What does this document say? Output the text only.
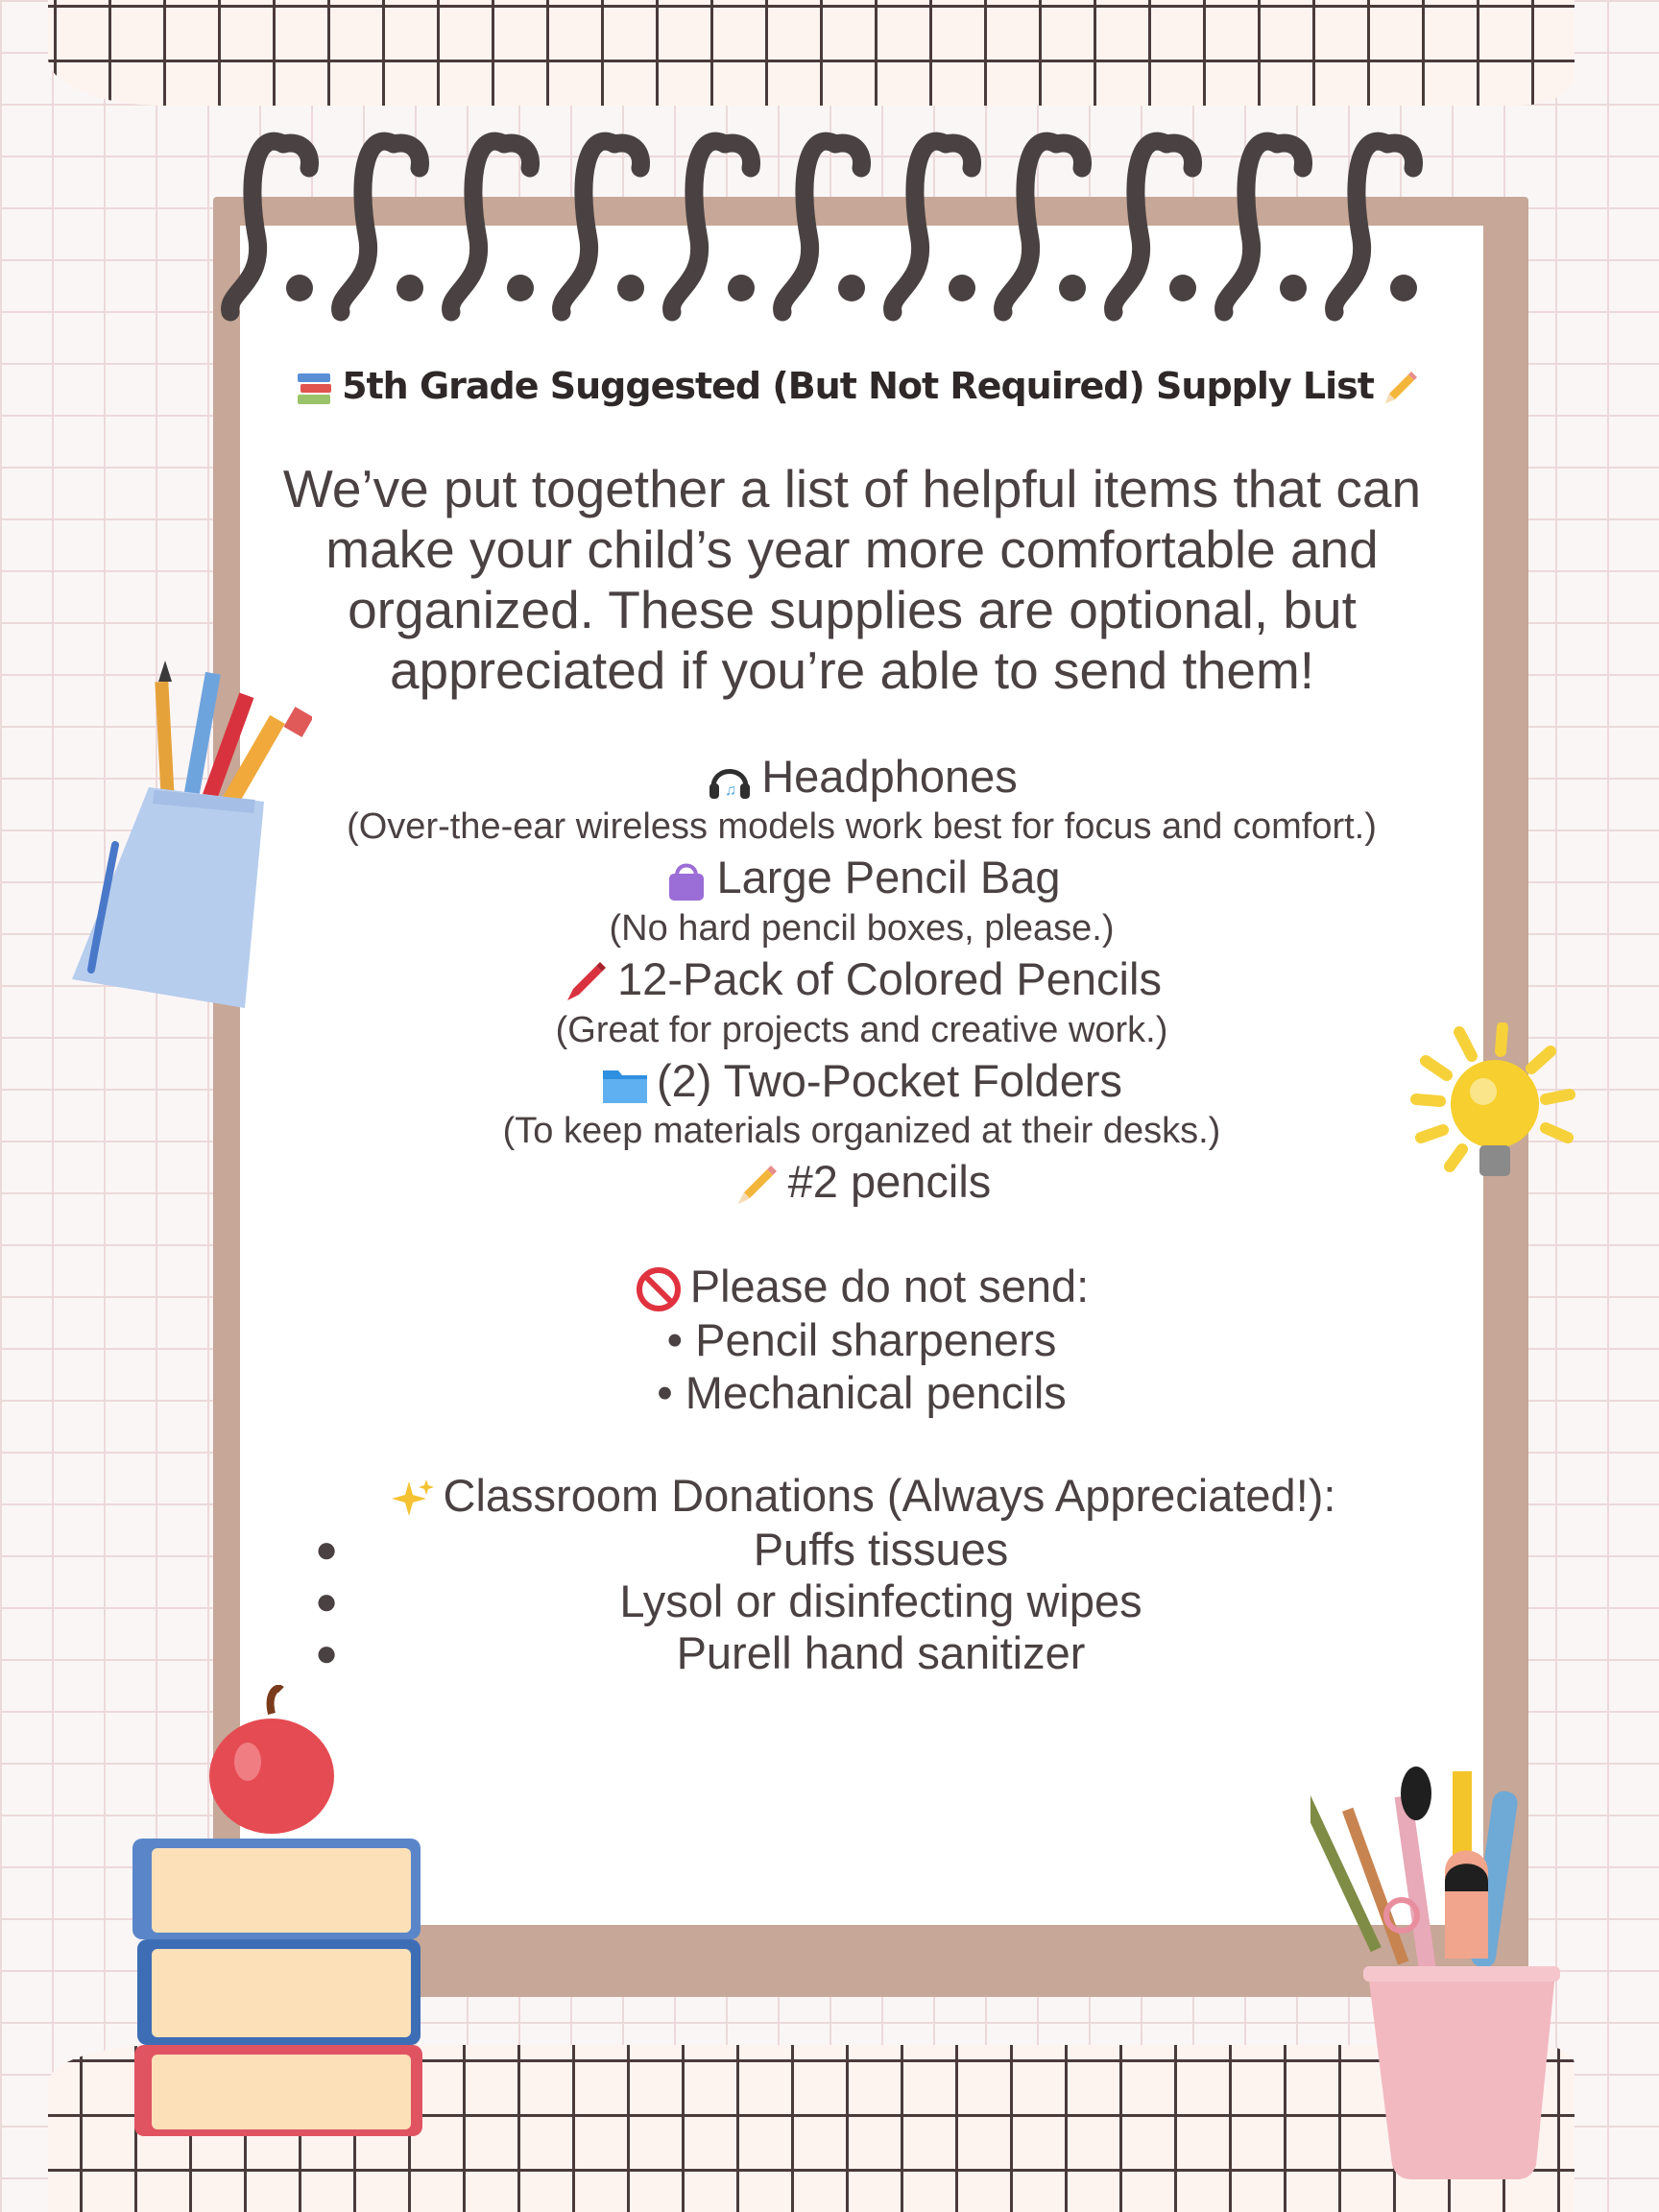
5th Grade Suggested (But Not Required) Supply List

We’ve put together a list of helpful items that can make your child’s year more comfortable and organized. These supplies are optional, but appreciated if you’re able to send them!

♫ Headphones
(Over-the-ear wireless models work best for focus and comfort.)
Large Pencil Bag
(No hard pencil boxes, please.)
12-Pack of Colored Pencils
(Great for projects and creative work.)
(2) Two-Pocket Folders
(To keep materials organized at their desks.)
#2 pencils
Please do not send:
• Pencil sharpeners
• Mechanical pencils
Classroom Donations (Always Appreciated!):
●	Puffs tissues
●	Lysol or disinfecting wipes
●	Purell hand sanitizer
